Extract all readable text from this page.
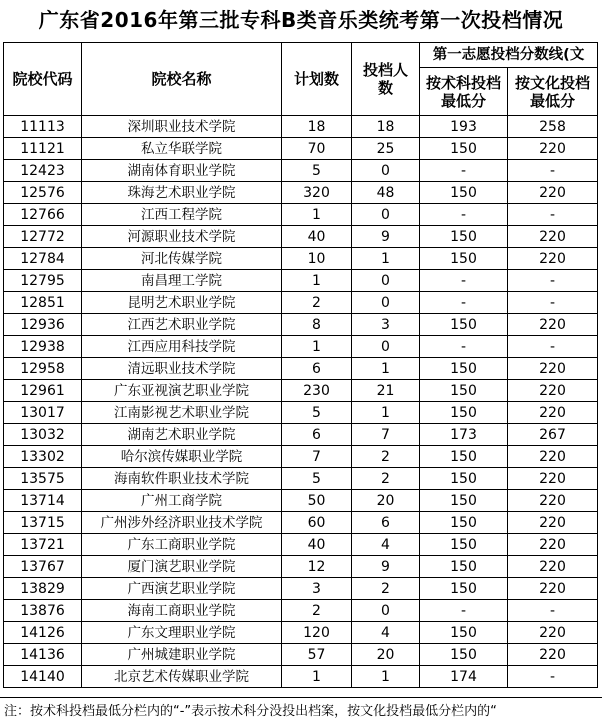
广东省2016年第三批专科B类音乐类统考第一次投档情况
院校代码	院校名称	计划数	投档人数	第一志愿投档分数线(文	
				按术科投档最低分	按文化投档最低分
11113	深圳职业技术学院	18	18	193	258
11121	私立华联学院	70	25	150	220
12423	湖南体育职业学院	5	0	-	-
12576	珠海艺术职业学院	320	48	150	220
12766	江西工程学院	1	0	-	-
12772	河源职业技术学院	40	9	150	220
12784	河北传媒学院	10	1	150	220
12795	南昌理工学院	1	0	-	-
12851	昆明艺术职业学院	2	0	-	-
12936	江西艺术职业学院	8	3	150	220
12938	江西应用科技学院	1	0	-	-
12958	清远职业技术学院	6	1	150	220
12961	广东亚视演艺职业学院	230	21	150	220
13017	江南影视艺术职业学院	5	1	150	220
13032	湖南艺术职业学院	6	7	173	267
13302	哈尔滨传媒职业学院	7	2	150	220
13575	海南软件职业技术学院	5	2	150	220
13714	广州工商学院	50	20	150	220
13715	广州涉外经济职业技术学院	60	6	150	220
13721	广东工商职业学院	40	4	150	220
13767	厦门演艺职业学院	12	9	150	220
13829	广西演艺职业学院	3	2	150	220
13876	海南工商职业学院	2	0	-	-
14126	广东文理职业学院	120	4	150	220
14136	广州城建职业学院	57	20	150	220
14140	北京艺术传媒职业学院	1	1	174	-
注：按术科投档最低分栏内的“-”表示按术科分没投出档案，按文化投档最低分栏内的“
